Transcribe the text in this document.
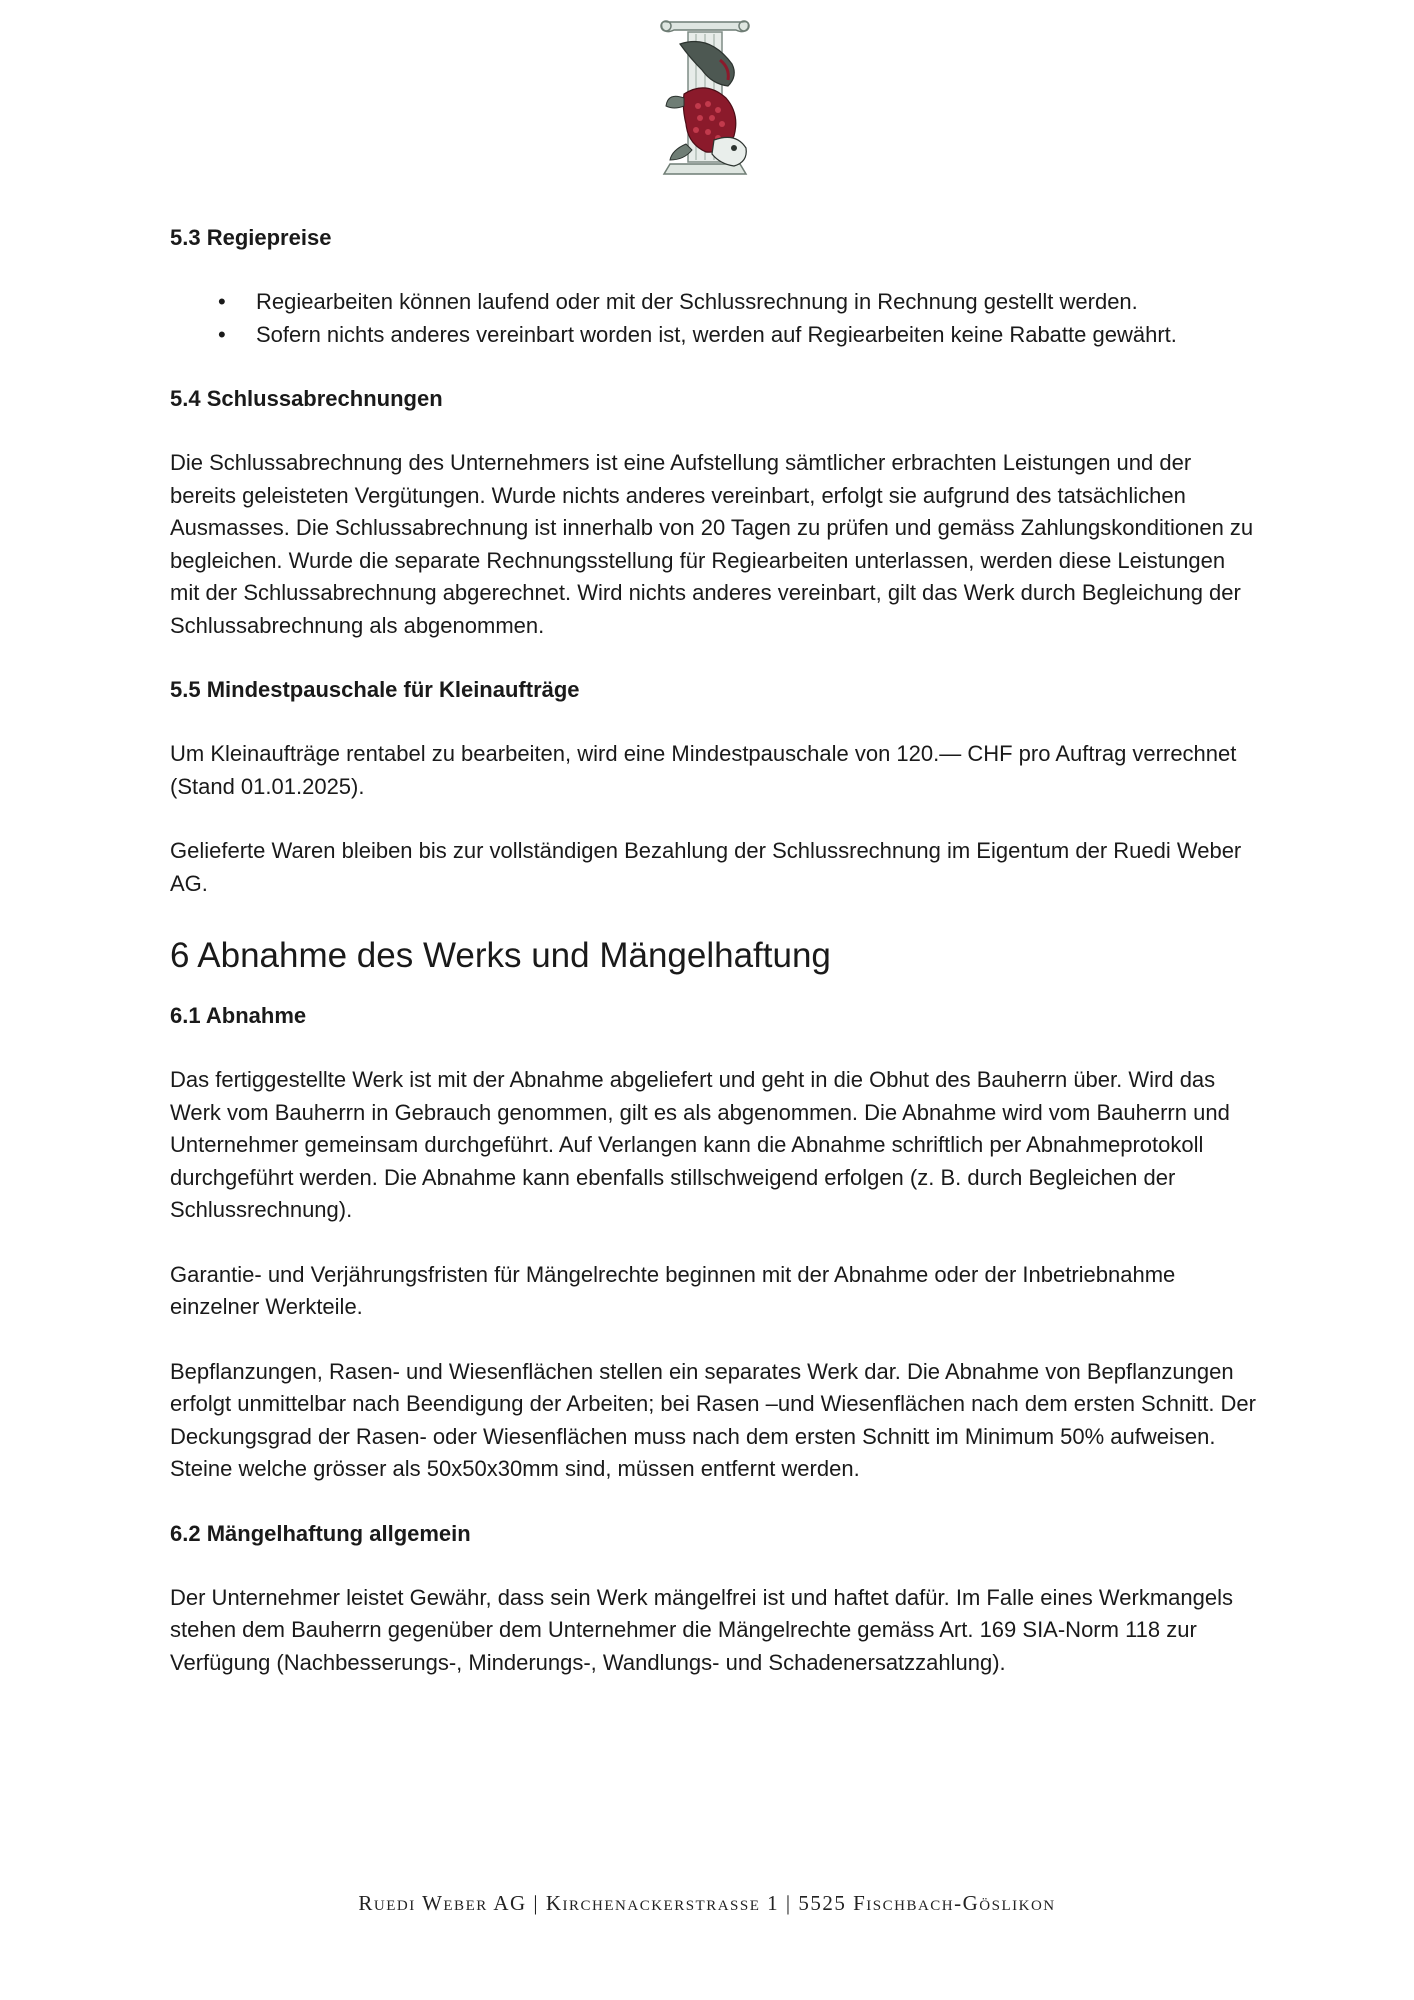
5.3 Regiepreise
• Regiearbeiten können laufend oder mit der Schlussrechnung in Rechnung gestellt werden.
• Sofern nichts anderes vereinbart worden ist, werden auf Regiearbeiten keine Rabatte gewährt.
5.4 Schlussabrechnungen

Die Schlussabrechnung des Unternehmers ist eine Aufstellung sämtlicher erbrachten Leistungen und der bereits geleisteten Vergütungen. Wurde nichts anderes vereinbart, erfolgt sie aufgrund des tatsächlichen Ausmasses. Die Schlussabrechnung ist innerhalb von 20 Tagen zu prüfen und gemäss Zahlungskonditionen zu begleichen. Wurde die separate Rechnungsstellung für Regiearbeiten unterlassen, werden diese Leistungen mit der Schlussabrechnung abgerechnet. Wird nichts anderes vereinbart, gilt das Werk durch Begleichung der Schlussabrechnung als abgenommen.

5.5 Mindestpauschale für Kleinaufträge

Um Kleinaufträge rentabel zu bearbeiten, wird eine Mindestpauschale von 120.— CHF pro Auftrag verrechnet (Stand 01.01.2025).

Gelieferte Waren bleiben bis zur vollständigen Bezahlung der Schlussrechnung im Eigentum der Ruedi Weber AG.

6 Abnahme des Werks und Mängelhaftung
6.1 Abnahme

Das fertiggestellte Werk ist mit der Abnahme abgeliefert und geht in die Obhut des Bauherrn über. Wird das Werk vom Bauherrn in Gebrauch genommen, gilt es als abgenommen. Die Abnahme wird vom Bauherrn und Unternehmer gemeinsam durchgeführt. Auf Verlangen kann die Abnahme schriftlich per Abnahmeprotokoll durchgeführt werden. Die Abnahme kann ebenfalls stillschweigend erfolgen (z. B. durch Begleichen der Schlussrechnung).

Garantie- und Verjährungsfristen für Mängelrechte beginnen mit der Abnahme oder der Inbetriebnahme einzelner Werkteile.

Bepflanzungen, Rasen- und Wiesenflächen stellen ein separates Werk dar. Die Abnahme von Bepflanzungen erfolgt unmittelbar nach Beendigung der Arbeiten; bei Rasen –und Wiesenflächen nach dem ersten Schnitt. Der Deckungsgrad der Rasen- oder Wiesenflächen muss nach dem ersten Schnitt im Minimum 50% aufweisen. Steine welche grösser als 50x50x30mm sind, müssen entfernt werden.

6.2 Mängelhaftung allgemein

Der Unternehmer leistet Gewähr, dass sein Werk mängelfrei ist und haftet dafür. Im Falle eines Werkmangels stehen dem Bauherrn gegenüber dem Unternehmer die Mängelrechte gemäss Art. 169 SIA-Norm 118 zur Verfügung (Nachbesserungs-, Minderungs-, Wandlungs- und Schadenersatzzahlung).

Ruedi Weber AG | Kirchenackerstrasse 1 | 5525 Fischbach-Göslikon
